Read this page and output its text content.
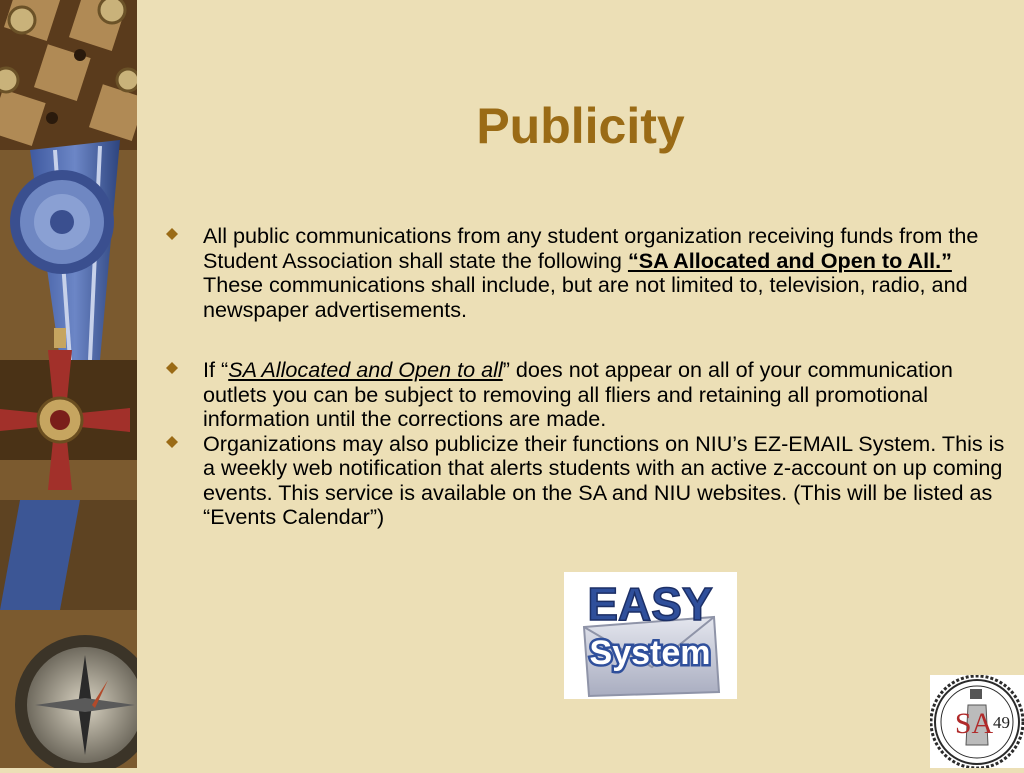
Publicity
All public communications from any student organization receiving funds from the Student Association shall state the following “SA Allocated and Open to All.” These communications shall include, but are not limited to, television, radio, and newspaper advertisements.
If “SA Allocated and Open to all” does not appear on all of your communication outlets you can be subject to removing all fliers and retaining all promotional information until the corrections are made.
Organizations may also publicize their functions on NIU’s EZ-EMAIL System. This is a weekly web notification that alerts students with an active z-account on up coming events. This service is available on the SA and NIU websites. (This will be listed as “Events Calendar”)
EASY
System
SA 49
